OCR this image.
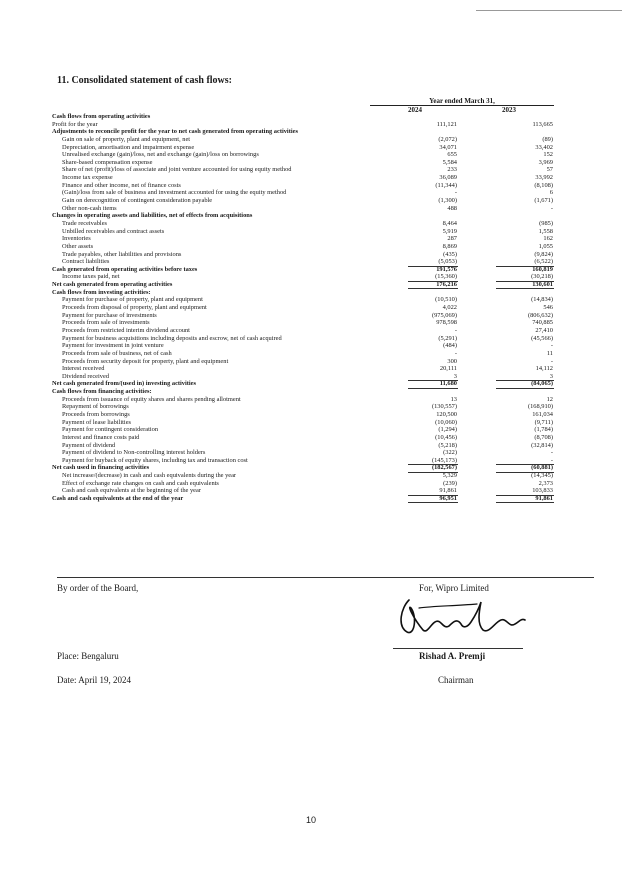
11. Consolidated statement of cash flows:
Year ended March 31,
2024	2023
Cash flows from operating activities
Profit for the year	111,121	113,665
Adjustments to reconcile profit for the year to net cash generated from operating activities
Gain on sale of property, plant and equipment, net	(2,072)	(89)
Depreciation, amortisation and impairment expense	34,071	33,402
Unrealised exchange (gain)/loss, net and exchange (gain)/loss on borrowings	655	152
Share-based compensation expense	5,584	3,969
Share of net (profit)/loss of associate and joint venture accounted for using equity method	233	57
Income tax expense	36,089	33,992
Finance and other income, net of finance costs	(11,344)	(8,108)
(Gain)/loss from sale of business and investment accounted for using the equity method	-	6
Gain on derecognition of contingent consideration payable	(1,300)	(1,671)
Other non-cash items	488	-
Changes in operating assets and liabilities, net of effects from acquisitions
Trade receivables	8,464	(985)
Unbilled receivables and contract assets	5,919	1,558
Inventories	287	162
Other assets	8,869	1,055
Trade payables, other liabilities and provisions	(435)	(9,824)
Contract liabilities	(5,053)	(6,522)
Cash generated from operating activities before taxes	191,576	160,819
Income taxes paid, net	(15,360)	(30,218)
Net cash generated from operating activities	176,216	130,601
Cash flows from investing activities:
Payment for purchase of property, plant and equipment	(10,510)	(14,834)
Proceeds from disposal of property, plant and equipment	4,022	546
Payment for purchase of investments	(975,069)	(806,632)
Proceeds from sale of investments	978,598	740,885
Proceeds from restricted interim dividend account	-	27,410
Payment for business acquisitions including deposits and escrow, net of cash acquired	(5,291)	(45,566)
Payment for investment in joint venture	(484)	-
Proceeds from sale of business, net of cash	-	11
Proceeds from security deposit for property, plant and equipment	300	-
Interest received	20,111	14,112
Dividend received	3	3
Net cash generated from/(used in) investing activities	11,680	(84,065)
Cash flows from financing activities:
Proceeds from issuance of equity shares and shares pending allotment	13	12
Repayment of borrowings	(130,557)	(168,910)
Proceeds from borrowings	120,500	161,034
Payment of lease liabilities	(10,060)	(9,711)
Payment for contingent consideration	(1,294)	(1,784)
Interest and finance costs paid	(10,456)	(8,708)
Payment of dividend	(5,218)	(32,814)
Payment of dividend to Non-controlling interest holders	(322)	-
Payment for buyback of equity shares, including tax and transaction cost	(145,173)	-
Net cash used in financing activities	(182,567)	(60,881)
Net increase/(decrease) in cash and cash equivalents during the year	5,329	(14,345)
Effect of exchange rate changes on cash and cash equivalents	(239)	2,373
Cash and cash equivalents at the beginning of the year	91,861	103,833
Cash and cash equivalents at the end of the year	96,951	91,861
By order of the Board,	For, Wipro Limited
Place: Bengaluru	Rishad A. Premji
Date: April 19, 2024	Chairman
10
